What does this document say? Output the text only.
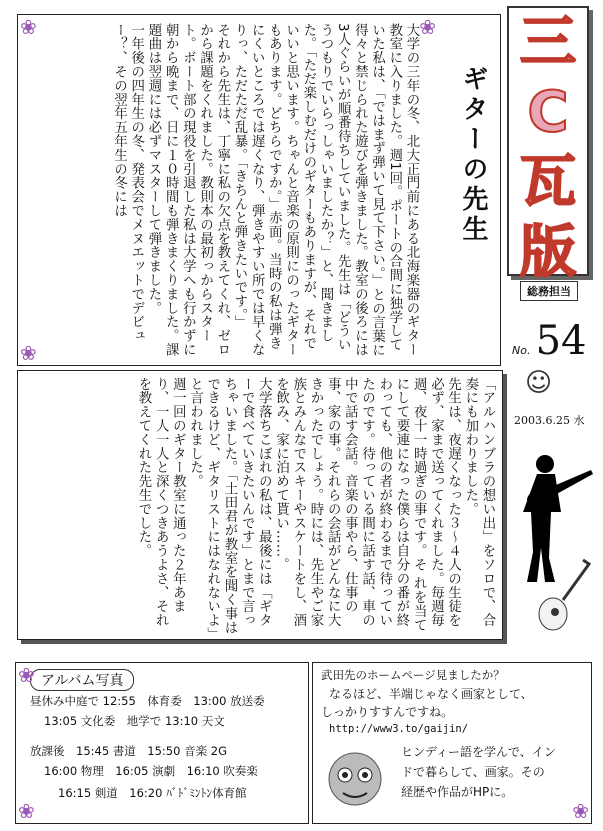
大学の三年の冬、北大正門前にある北海楽器のギター教室に入りました。週1回。ポートの合間に独学していた私は、「ではまず弾いて見て下さい。」との言葉に得々と禁じられた遊びを弾きました。教室の後ろには3人ぐらいが順番待ちしていました。先生は「どういうつもりでいらっしゃいましたか？」と、聞きました。「ただ楽しむだけのギターもありますが、それでいいと思います。ちゃんと音楽の原則にのったギターもあります。どちらですか。」赤面。当時の私は弾きにくいところでは遅くなり、弾きやすい所では早くなりっ、ただただ乱暴。「きちんと弾きたいです。」
それから先生は、丁寧に私の欠点を教えてくれ、ゼロから課題をくれました。教則本の最初っからスタート。ボート部の現役を引退した私は大学へも行かずに朝から晩まで、日に１０時間も弾きまくりました。課題曲は翌週には必ずマスターして弾きました。
一年後の四年生の冬、発表会でメヌエットでデビュー？、その翌年五年生の冬には	ギターの先生
❀	❀
❀
三
C
瓦
版
総務担当
No. 54
☺
2003.6.25 水
「アルハンブラの想い出」をソロで、合奏にも加わりました。
先生は、夜遅くなった３～４人の生徒を必ず、家まで送ってくれました。毎週毎週、夜十一時過ぎの事です。そ れを当てにして要連になった僕らは自分の番が終わっても、他の者が終わるまで待っていたのです。待っている間に話す話、車の中で話す会話。音楽の事やら、仕事の事、家の事。それらの会話がどんなに大きかったでしょう。時には、先生やご家族とみんなでスキーやスケートをし、酒を飲み、家に泊めて貰い……。
大学落ちこぼれの私は、最後には「ギターで食べていきたいんです」とまで言っちゃいました。「土田君が教室を聞く事はできるけど、ギタリストにはなれないよ」と言われました。
週一回のギター教室に通った２年あまり、一人一人と深くつきあうよさ、それを教えてくれた先生でした。
アルバム写真
昼休み中庭で 12:55　体育委　13:00 放送委
13:05 文化委　地学で 13:10 天文
放課後　15:45 書道　15:50 音楽 2G
16:00 物理　16:05 演劇　16:10 吹奏楽
16:15 剣道　16:20 ﾊﾞﾄﾞﾐﾝﾄﾝ体育館
❀
❀
武田先のホームページ見ましたか？
なるほど、半端じゃなく画家として、
しっかりすすんですね。
http://www3.to/gaijin/
ヒンディー語を学んで、イン
ドで暮らして、画家。その
経歴や作品がHPに。
❀
